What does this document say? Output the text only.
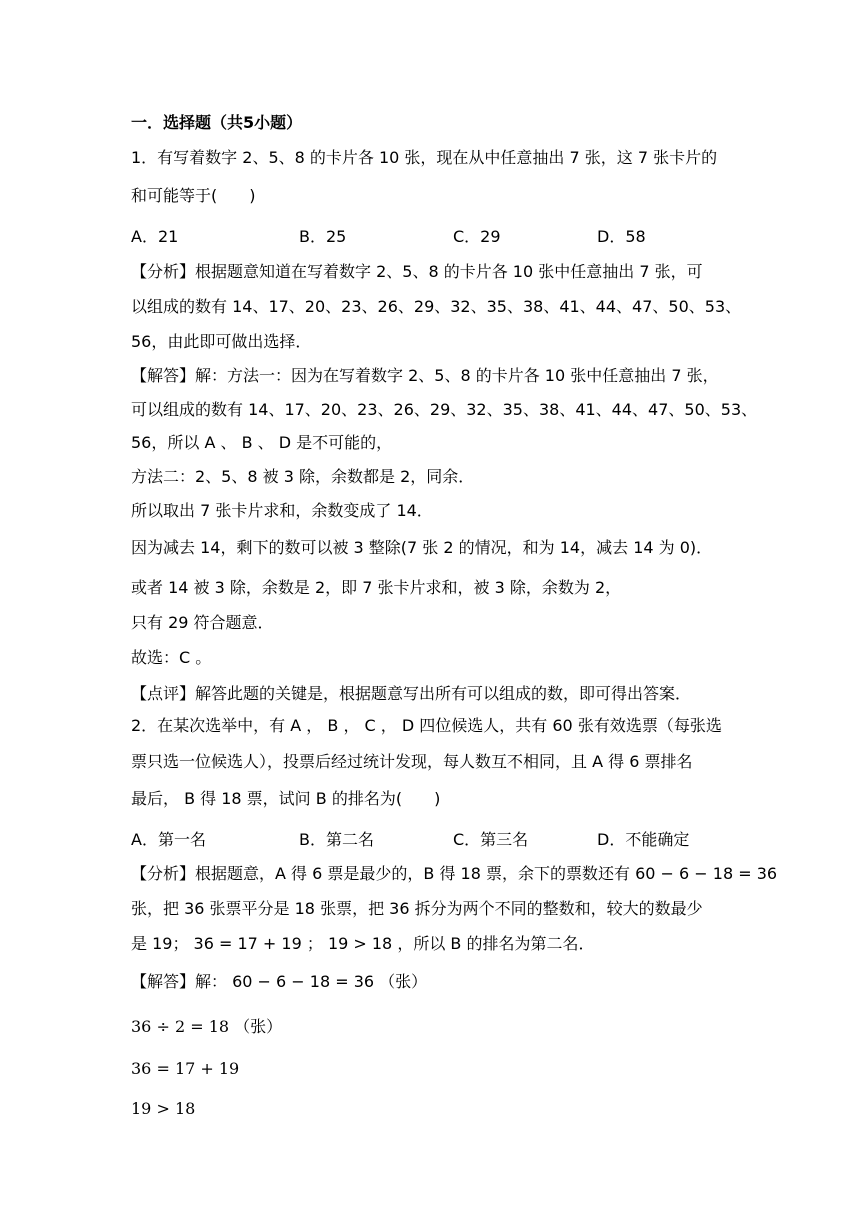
一．选择题（共5小题）
1．有写着数字 2、5、8 的卡片各 10 张，现在从中任意抽出 7 张，这 7 张卡片的
和可能等于(　　)
A．21	B．25	C．29	D．58
【分析】根据题意知道在写着数字 2、5、8 的卡片各 10 张中任意抽出 7 张，可
以组成的数有 14、17、20、23、26、29、32、35、38、41、44、47、50、53、
56，由此即可做出选择．
【解答】解：方法一：因为在写着数字 2、5、8 的卡片各 10 张中任意抽出 7 张，
可以组成的数有 14、17、20、23、26、29、32、35、38、41、44、47、50、53、
56，所以 A 、 B 、 D 是不可能的，
方法二：2、5、8 被 3 除，余数都是 2，同余．
所以取出 7 张卡片求和，余数变成了 14．
因为减去 14，剩下的数可以被 3 整除(7 张 2 的情况，和为 14，减去 14 为 0)．
或者 14 被 3 除，余数是 2，即 7 张卡片求和，被 3 除，余数为 2，
只有 29 符合题意．
故选：C 。
【点评】解答此题的关键是，根据题意写出所有可以组成的数，即可得出答案．
2．在某次选举中，有 A ， B ， C ， D 四位候选人，共有 60 张有效选票（每张选
票只选一位候选人），投票后经过统计发现，每人数互不相同，且 A 得 6 票排名
最后， B 得 18 票，试问 B 的排名为(　　)
A．第一名	B．第二名	C．第三名	D．不能确定
【分析】根据题意，A 得 6 票是最少的，B 得 18 票，余下的票数还有 60 − 6 − 18 = 36
张，把 36 张票平分是 18 张票，把 36 拆分为两个不同的整数和，较大的数最少
是 19； 36 = 17 + 19 ； 19 > 18 ，所以 B 的排名为第二名．
【解答】解： 60 − 6 − 18 = 36 （张）
36 ÷ 2 = 18 （张）
36 = 17 + 19
19 > 18
